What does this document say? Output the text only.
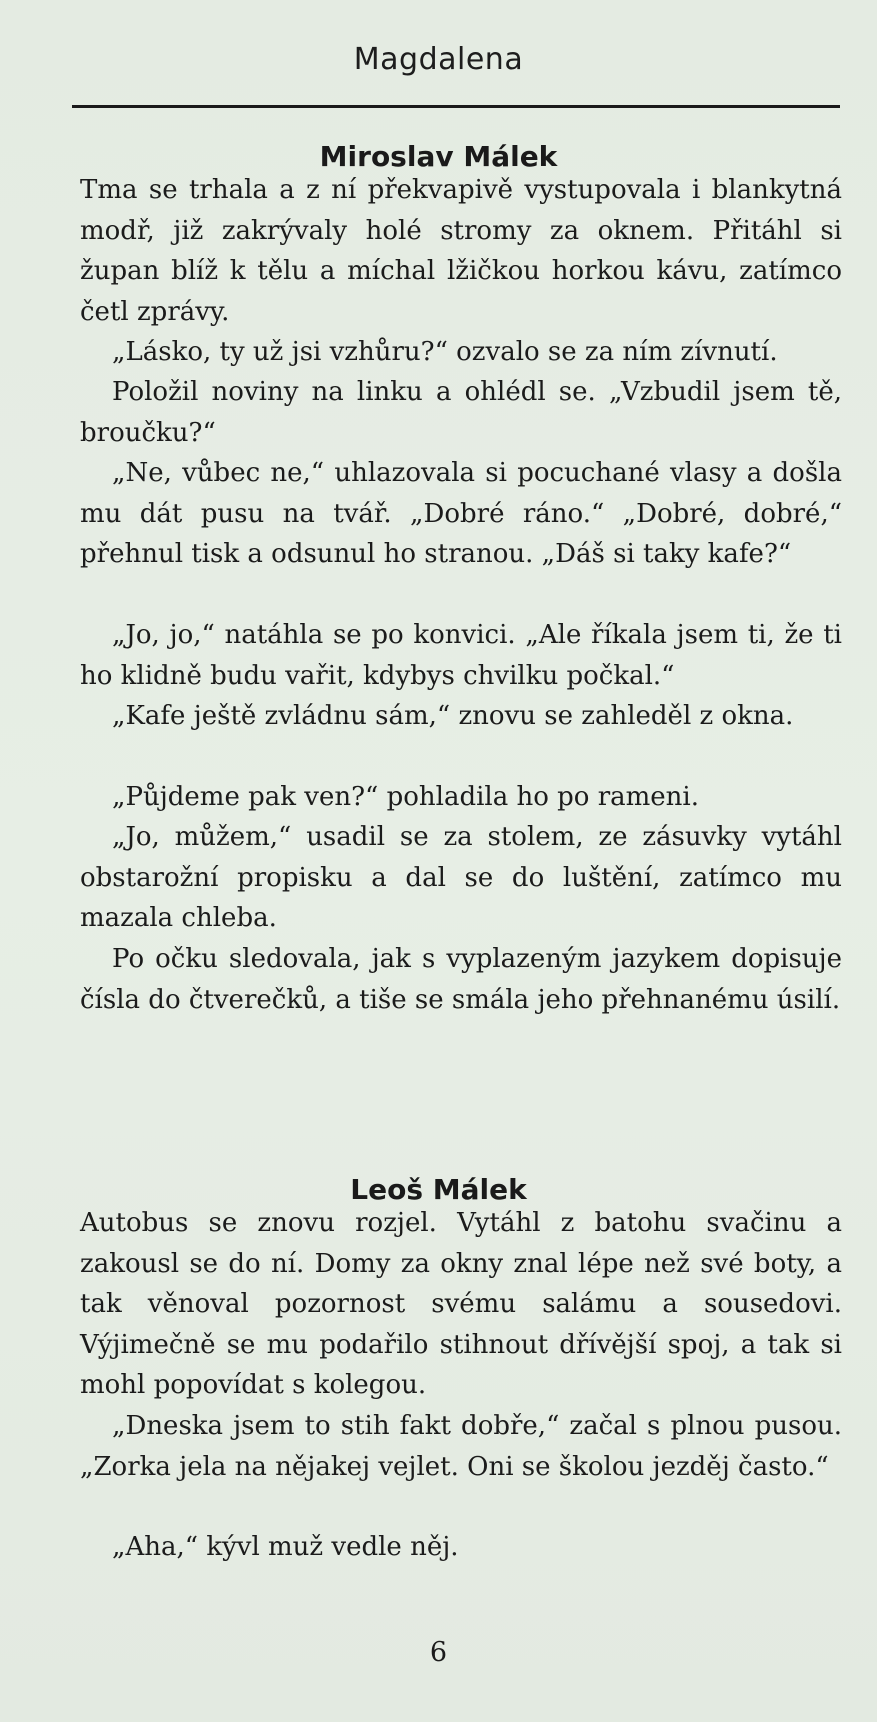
Magdalena
Miroslav Málek

Tma se trhala a z ní překvapivě vystupovala i blankytná modř, již zakrývaly holé stromy za oknem. Přitáhl si župan blíž k tělu a míchal lžičkou horkou kávu, zatímco četl zprávy.

„Lásko, ty už jsi vzhůru?“ ozvalo se za ním zívnutí.

Položil noviny na linku a ohlédl se. „Vzbudil jsem tě, broučku?“

„Ne, vůbec ne,“ uhlazovala si pocuchané vlasy a došla mu dát pusu na tvář. „Dobré ráno.“ „Dobré, dobré,“ přehnul tisk a odsunul ho stranou. „Dáš si taky kafe?“

„Jo, jo,“ natáhla se po konvici. „Ale říkala jsem ti, že ti ho klidně budu vařit, kdybys chvilku počkal.“

„Kafe ještě zvládnu sám,“ znovu se zahleděl z okna.

„Půjdeme pak ven?“ pohladila ho po rameni.

„Jo, můžem,“ usadil se za stolem, ze zásuvky vytáhl obstarožní propisku a dal se do luštění, zatímco mu mazala chleba.

Po očku sledovala, jak s vyplazeným jazykem dopisuje čísla do čtverečků, a tiše se smála jeho přehnanému úsilí.

Leoš Málek

Autobus se znovu rozjel. Vytáhl z batohu svačinu a zakousl se do ní. Domy za okny znal lépe než své boty, a tak věnoval pozornost svému salámu a sousedovi. Výjimečně se mu podařilo stihnout dřívější spoj, a tak si mohl popovídat s kolegou.

„Dneska jsem to stih fakt dobře,“ začal s plnou pusou. „Zorka jela na nějakej vejlet. Oni se školou jezděj často.“

„Aha,“ kývl muž vedle něj.

6
